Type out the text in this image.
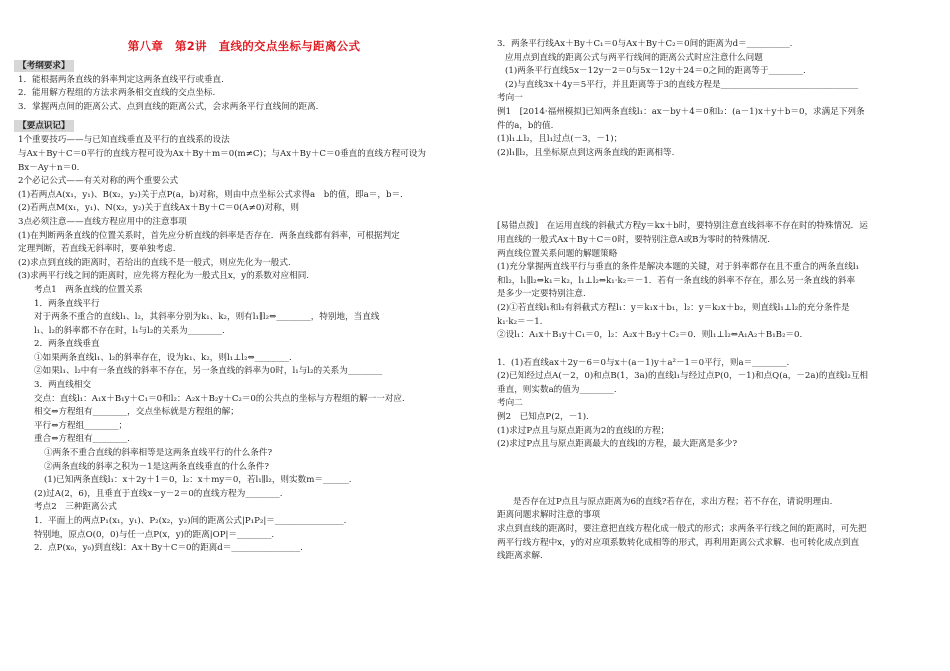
第八章　第2讲　直线的交点坐标与距离公式
【考纲要求】

1．能根据两条直线的斜率判定这两条直线平行或垂直.

2．能用解方程组的方法求两条相交直线的交点坐标.

3．掌握两点间的距离公式、点到直线的距离公式，会求两条平行直线间的距离.

【要点识记】

1个重要技巧——与已知直线垂直及平行的直线系的设法

与Ax＋By＋C＝0平行的直线方程可设为Ax＋By＋m＝0(m≠C)；与Ax＋By＋C＝0垂直的直线方程可设为

Bx－Ay＋n＝0.

2个必记公式——有关对称的两个重要公式

(1)若两点A(x₁，y₁)、B(x₂，y₂)关于点P(a，b)对称，则由中点坐标公式求得a　b的值，即a＝，b＝.

(2)若两点M(x₁，y₁)、N(x₂，y₂)关于直线Ax＋By＋C＝0(A≠0)对称，则

3点必须注意——直线方程应用中的注意事项

(1)在判断两条直线的位置关系时，首先应分析直线的斜率是否存在．两条直线都有斜率，可根据判定

定理判断，若直线无斜率时，要单独考虑.

(2)求点到直线的距离时，若给出的直线不是一般式，则应先化为一般式.

(3)求两平行线之间的距离时，应先将方程化为一般式且x，y的系数对应相同.

考点1　两条直线的位置关系

1．两条直线平行

对于两条不重合的直线l₁、l₂，其斜率分别为k₁、k₂，则有l₁∥l₂⇔________，特别地，当直线

l₁、l₂的斜率都不存在时，l₁与l₂的关系为________.

2．两条直线垂直

①如果两条直线l₁、l₂的斜率存在，设为k₁、k₂，则l₁⊥l₂⇔________.

②如果l₁、l₂中有一条直线的斜率不存在，另一条直线的斜率为0时，l₁与l₂的关系为________

3．两直线相交

交点：直线l₁：A₁x＋B₁y＋C₁＝0和l₂：A₂x＋B₂y＋C₂＝0的公共点的坐标与方程组的解一一对应.

相交⇔方程组有________，交点坐标就是方程组的解；

平行⇔方程组________；

重合⇔方程组有________.

①两条不重合直线的斜率相等是这两条直线平行的什么条件?

②两条直线的斜率之积为－1是这两条直线垂直的什么条件?

(1)已知两条直线l₁：x＋2y＋1＝0，l₂：x＋my＝0，若l₁∥l₂，则实数m＝______.

(2)过A(2，6)，且垂直于直线x－y－2＝0的直线方程为________.

考点2　三种距离公式

1．平面上的两点P₁(x₁，y₁)、P₂(x₂，y₂)间的距离公式|P₁P₂|＝________________.

特别地，原点O(0，0)与任一点P(x，y)的距离|OP|＝________.

2．点P(x₀，y₀)到直线l：Ax＋By＋C＝0的距离d＝________________.

3．两条平行线Ax＋By＋C₁＝0与Ax＋By＋C₂＝0间的距离为d＝__________.

应用点到直线的距离公式与两平行线间的距离公式时应注意什么问题

(1)两条平行直线5x－12y－2＝0与5x－12y＋24＝0之间的距离等于________.

(2)与直线3x＋4y＝5平行，并且距离等于3的直线方程是________________________________

考向一

例1　[2014·福州模拟]已知两条直线l₁：ax－by＋4＝0和l₂：(a－1)x＋y＋b＝0，求满足下列条

件的a，b的值.

(1)l₁⊥l₂，且l₁过点(－3，－1)；

(2)l₁∥l₂，且坐标原点到这两条直线的距离相等.

[易错点拨]　在运用直线的斜截式方程y＝kx＋b时，要特别注意直线斜率不存在时的特殊情况．运

用直线的一般式Ax＋By＋C＝0时，要特别注意A或B为零时的特殊情况.

两直线位置关系问题的解题策略

(1)充分掌握两直线平行与垂直的条件是解决本题的关键，对于斜率都存在且不重合的两条直线l₁

和l₂，l₁∥l₂⇔k₁＝k₂，l₁⊥l₂⇔k₁·k₂＝－1．若有一条直线的斜率不存在，那么另一条直线的斜率

是多少一定要特别注意.

(2)①若直线l₁和l₂有斜截式方程l₁：y＝k₁x＋b₁，l₂：y＝k₂x＋b₂，则直线l₁⊥l₂的充分条件是

k₁·k₂＝－1.

②设l₁：A₁x＋B₁y＋C₁＝0，l₂：A₂x＋B₂y＋C₂＝0．则l₁⊥l₂⇔A₁A₂＋B₁B₂＝0.

1．(1)若直线ax＋2y－6＝0与x＋(a－1)y＋a²－1＝0平行，则a＝________.

(2)已知经过点A(－2，0)和点B(1，3a)的直线l₁与经过点P(0，－1)和点Q(a，－2a)的直线l₂互相

垂直，则实数a的值为________.

考向二

例2　已知点P(2，－1).

(1)求过P点且与原点距离为2的直线l的方程；

(2)求过P点且与原点距离最大的直线l的方程，最大距离是多少?

是否存在过P点且与原点距离为6的直线?若存在，求出方程；若不存在，请说明理由.

距离问题求解时注意的事项

求点到直线的距离时，要注意把直线方程化成一般式的形式；求两条平行线之间的距离时，可先把

两平行线方程中x，y的对应项系数转化成相等的形式，再利用距离公式求解．也可转化成点到直

线距离求解.
